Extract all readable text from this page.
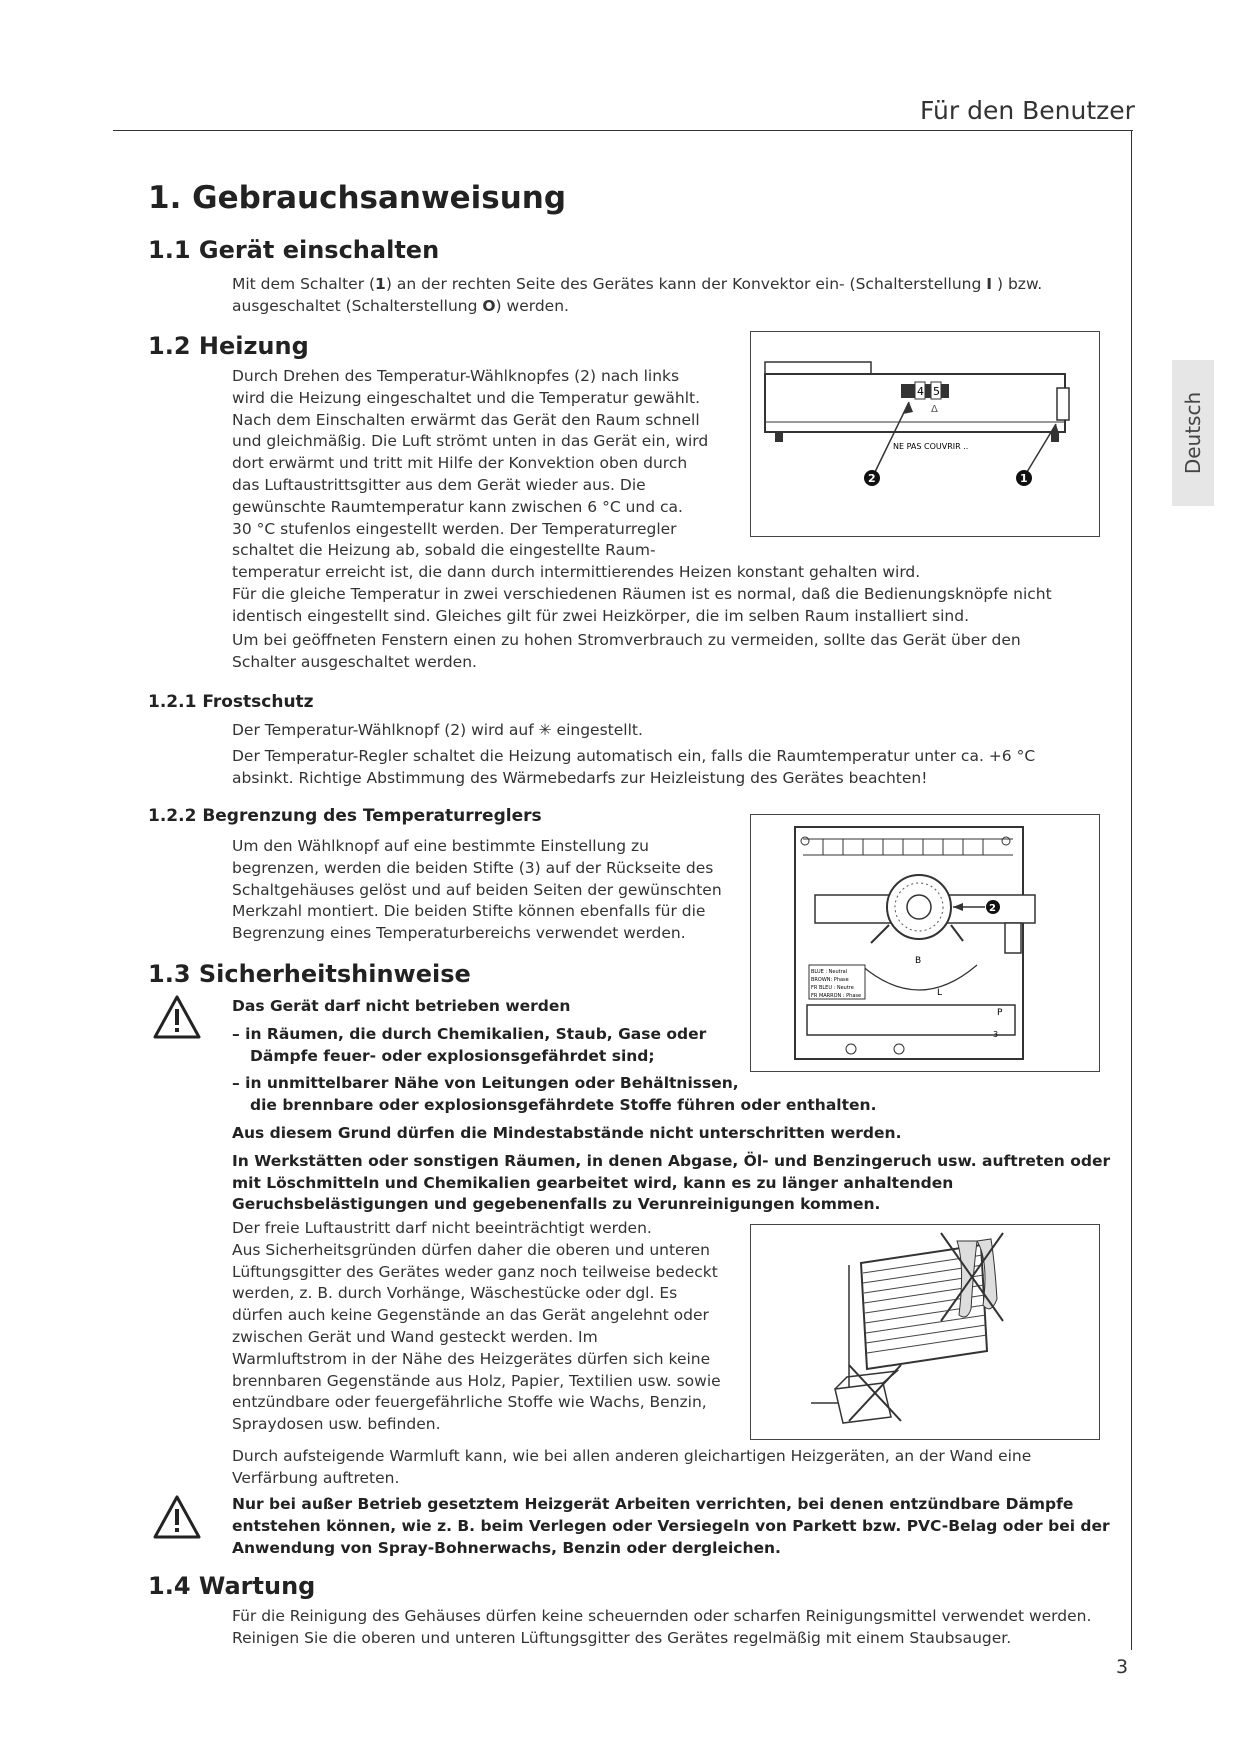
Für den Benutzer
Deutsch
1. Gebrauchsanweisung
1.1 Gerät einschalten
Mit dem Schalter (1) an der rechten Seite des Gerätes kann der Konvektor ein- (Schalterstellung I ) bzw.
ausgeschaltet (Schalterstellung O) werden.
1.2 Heizung
Durch Drehen des Temperatur-Wählknopfes (2) nach links
wird die Heizung eingeschaltet und die Temperatur gewählt.
Nach dem Einschalten erwärmt das Gerät den Raum schnell
und gleichmäßig. Die Luft strömt unten in das Gerät ein, wird
dort erwärmt und tritt mit Hilfe der Konvektion oben durch
das Luftaustrittsgitter aus dem Gerät wieder aus. Die
gewünschte Raumtemperatur kann zwischen 6 °C und ca.
30 °C stufenlos eingestellt werden. Der Temperaturregler
schaltet die Heizung ab, sobald die eingestellte Raum-
temperatur erreicht ist, die dann durch intermittierendes Heizen konstant gehalten wird.
Für die gleiche Temperatur in zwei verschiedenen Räumen ist es normal, daß die Bedienungsknöpfe nicht
identisch eingestellt sind. Gleiches gilt für zwei Heizkörper, die im selben Raum installiert sind.
Um bei geöffneten Fenstern einen zu hohen Stromverbrauch zu vermeiden, sollte das Gerät über den
Schalter ausgeschaltet werden.
4 5
Δ
NE PAS COUVRIR ..
2	1
1.2.1 Frostschutz
Der Temperatur-Wählknopf (2) wird auf ✳ eingestellt.
Der Temperatur-Regler schaltet die Heizung automatisch ein, falls die Raumtemperatur unter ca. +6 °C
absinkt. Richtige Abstimmung des Wärmebedarfs zur Heizleistung des Gerätes beachten!
1.2.2 Begrenzung des Temperaturreglers
Um den Wählknopf auf eine bestimmte Einstellung zu
begrenzen, werden die beiden Stifte (3) auf der Rückseite des
Schaltgehäuses gelöst und auf beiden Seiten der gewünschten
Merkzahl montiert. Die beiden Stifte können ebenfalls für die
Begrenzung eines Temperaturbereichs verwendet werden.
2
B
BLUE : Neutral
BROWN: Phase
FR BLEU : Neutre
FR MARRON : Phase	L
P
3
1.3 Sicherheitshinweise
Das Gerät darf nicht betrieben werden
– in Räumen, die durch Chemikalien, Staub, Gase oder
Dämpfe feuer- oder explosionsgefährdet sind;
– in unmittelbarer Nähe von Leitungen oder Behältnissen,
die brennbare oder explosionsgefährdete Stoffe führen oder enthalten.
Aus diesem Grund dürfen die Mindestabstände nicht unterschritten werden.
In Werkstätten oder sonstigen Räumen, in denen Abgase, Öl- und Benzingeruch usw. auftreten oder
mit Löschmitteln und Chemikalien gearbeitet wird, kann es zu länger anhaltenden
Geruchsbelästigungen und gegebenenfalls zu Verunreinigungen kommen.
Der freie Luftaustritt darf nicht beeinträchtigt werden.
Aus Sicherheitsgründen dürfen daher die oberen und unteren
Lüftungsgitter des Gerätes weder ganz noch teilweise bedeckt
werden, z. B. durch Vorhänge, Wäschestücke oder dgl. Es
dürfen auch keine Gegenstände an das Gerät angelehnt oder
zwischen Gerät und Wand gesteckt werden. Im
Warmluftstrom in der Nähe des Heizgerätes dürfen sich keine
brennbaren Gegenstände aus Holz, Papier, Textilien usw. sowie
entzündbare oder feuergefährliche Stoffe wie Wachs, Benzin,
Spraydosen usw. befinden.
Durch aufsteigende Warmluft kann, wie bei allen anderen gleichartigen Heizgeräten, an der Wand eine
Verfärbung auftreten.
Nur bei außer Betrieb gesetztem Heizgerät Arbeiten verrichten, bei denen entzündbare Dämpfe
entstehen können, wie z. B. beim Verlegen oder Versiegeln von Parkett bzw. PVC-Belag oder bei der
Anwendung von Spray-Bohnerwachs, Benzin oder dergleichen.
1.4 Wartung
Für die Reinigung des Gehäuses dürfen keine scheuernden oder scharfen Reinigungsmittel verwendet werden.
Reinigen Sie die oberen und unteren Lüftungsgitter des Gerätes regelmäßig mit einem Staubsauger.
3
